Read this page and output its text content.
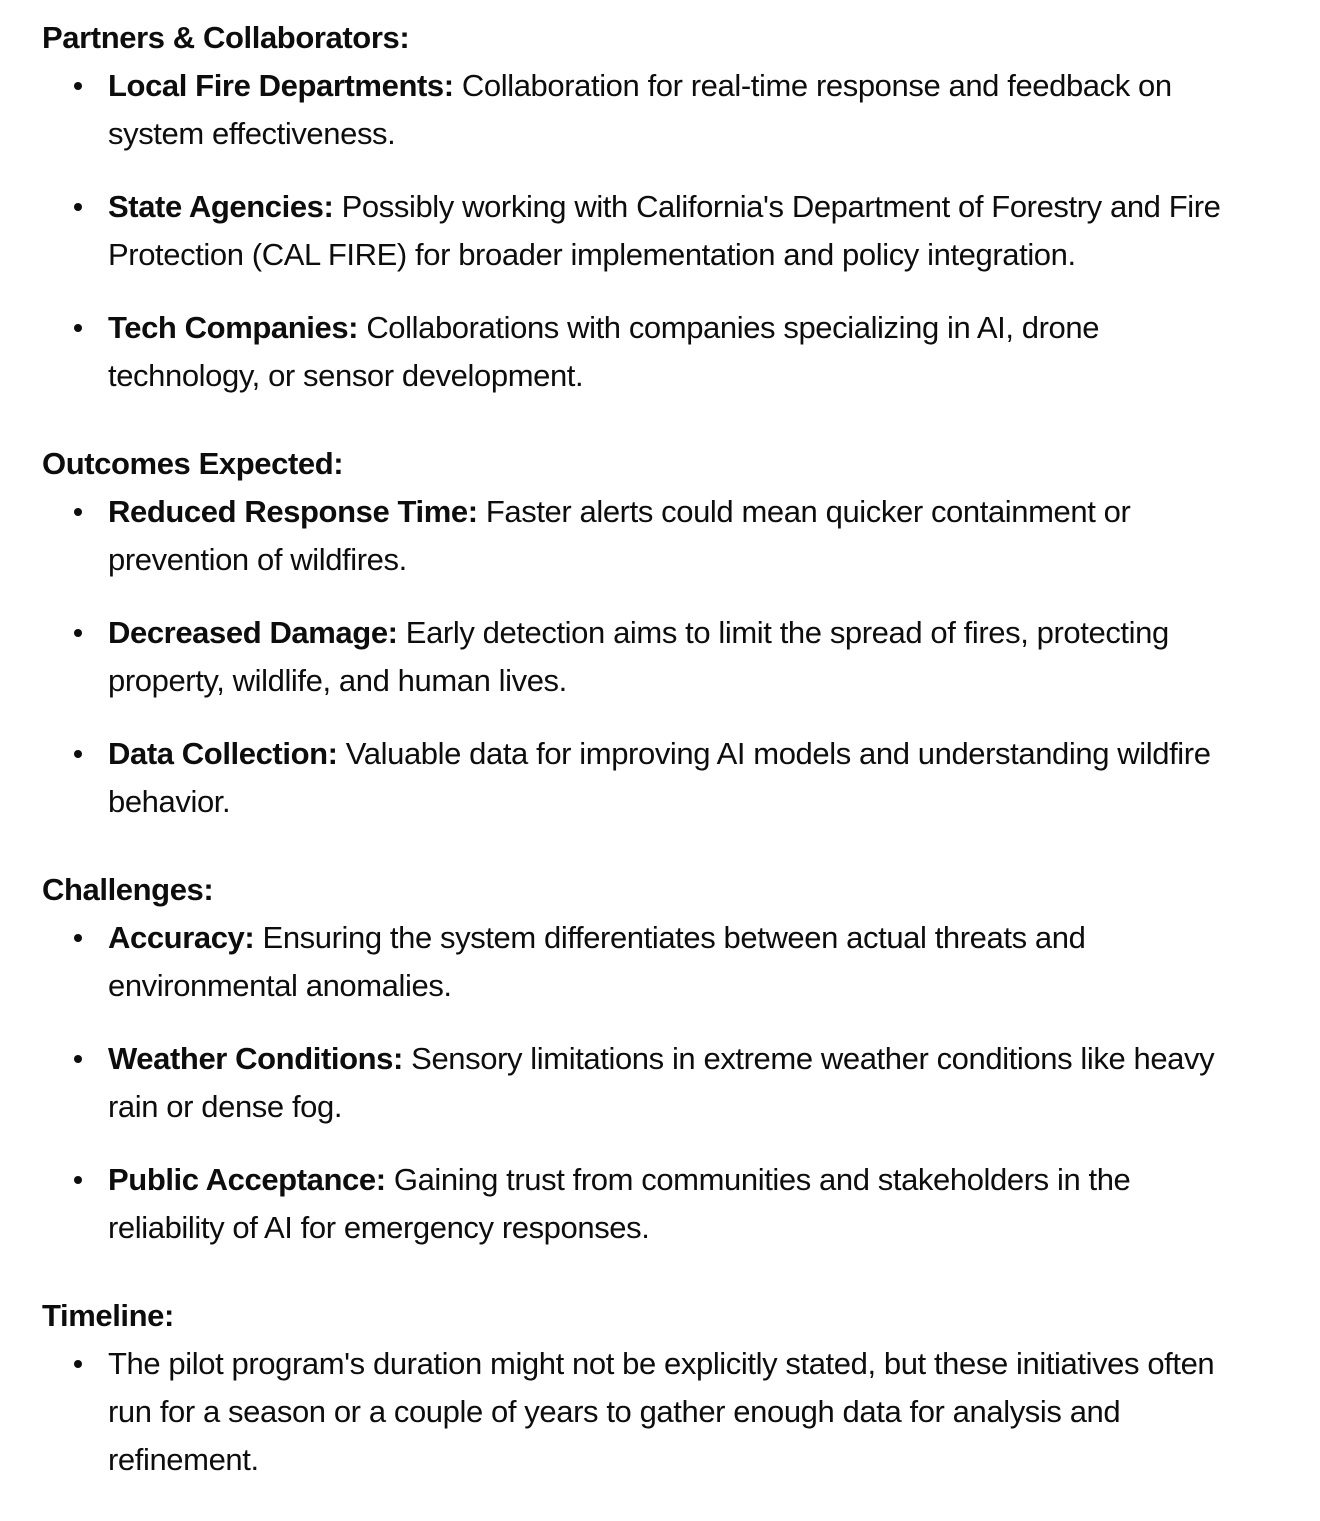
Partners & Collaborators:
Local Fire Departments: Collaboration for real-time response and feedback on system effectiveness.
State Agencies: Possibly working with California's Department of Forestry and Fire Protection (CAL FIRE) for broader implementation and policy integration.
Tech Companies: Collaborations with companies specializing in AI, drone technology, or sensor development.
Outcomes Expected:
Reduced Response Time: Faster alerts could mean quicker containment or prevention of wildfires.
Decreased Damage: Early detection aims to limit the spread of fires, protecting property, wildlife, and human lives.
Data Collection: Valuable data for improving AI models and understanding wildfire behavior.
Challenges:
Accuracy: Ensuring the system differentiates between actual threats and environmental anomalies.
Weather Conditions: Sensory limitations in extreme weather conditions like heavy rain or dense fog.
Public Acceptance: Gaining trust from communities and stakeholders in the reliability of AI for emergency responses.
Timeline:
The pilot program's duration might not be explicitly stated, but these initiatives often run for a season or a couple of years to gather enough data for analysis and refinement.
